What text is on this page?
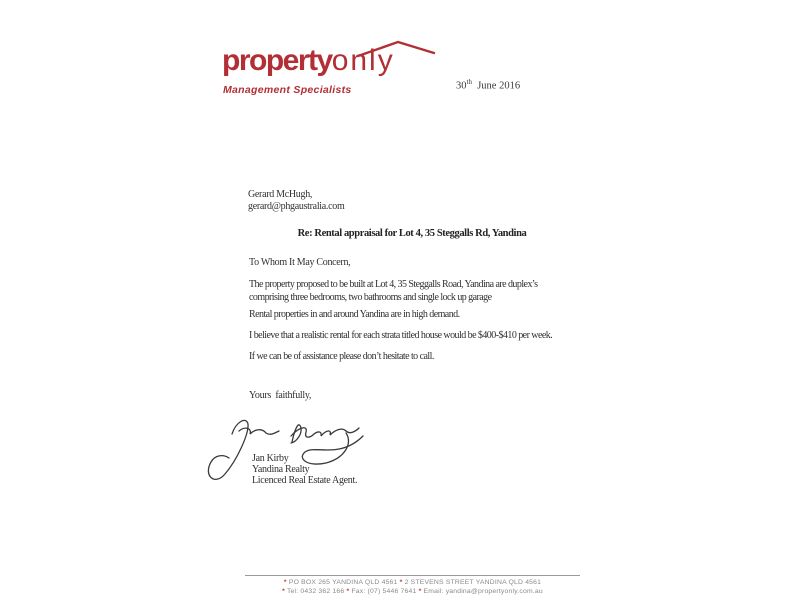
propertyonly
Management Specialists	30th  June 2016
Gerard McHugh,
gerard@phgaustralia.com
Re: Rental appraisal for Lot 4, 35 Steggalls Rd, Yandina
To Whom It May Concern,
The property proposed to be built at Lot 4, 35 Steggalls Road, Yandina are duplex’s
comprising three bedrooms, two bathrooms and single lock up garage
Rental properties in and around Yandina are in high demand.
I believe that a realistic rental for each strata titled house would be $400-$410 per week.
If we can be of assistance please don’t hesitate to call.
Yours  faithfully,
Jan Kirby
Yandina Realty
Licenced Real Estate Agent.
* PO BOX 265 YANDINA QLD 4561 * 2 STEVENS STREET YANDINA QLD 4561
* Tel: 0432 362 166 * Fax: (07) 5446 7641 * Email: yandina@propertyonly.com.au
